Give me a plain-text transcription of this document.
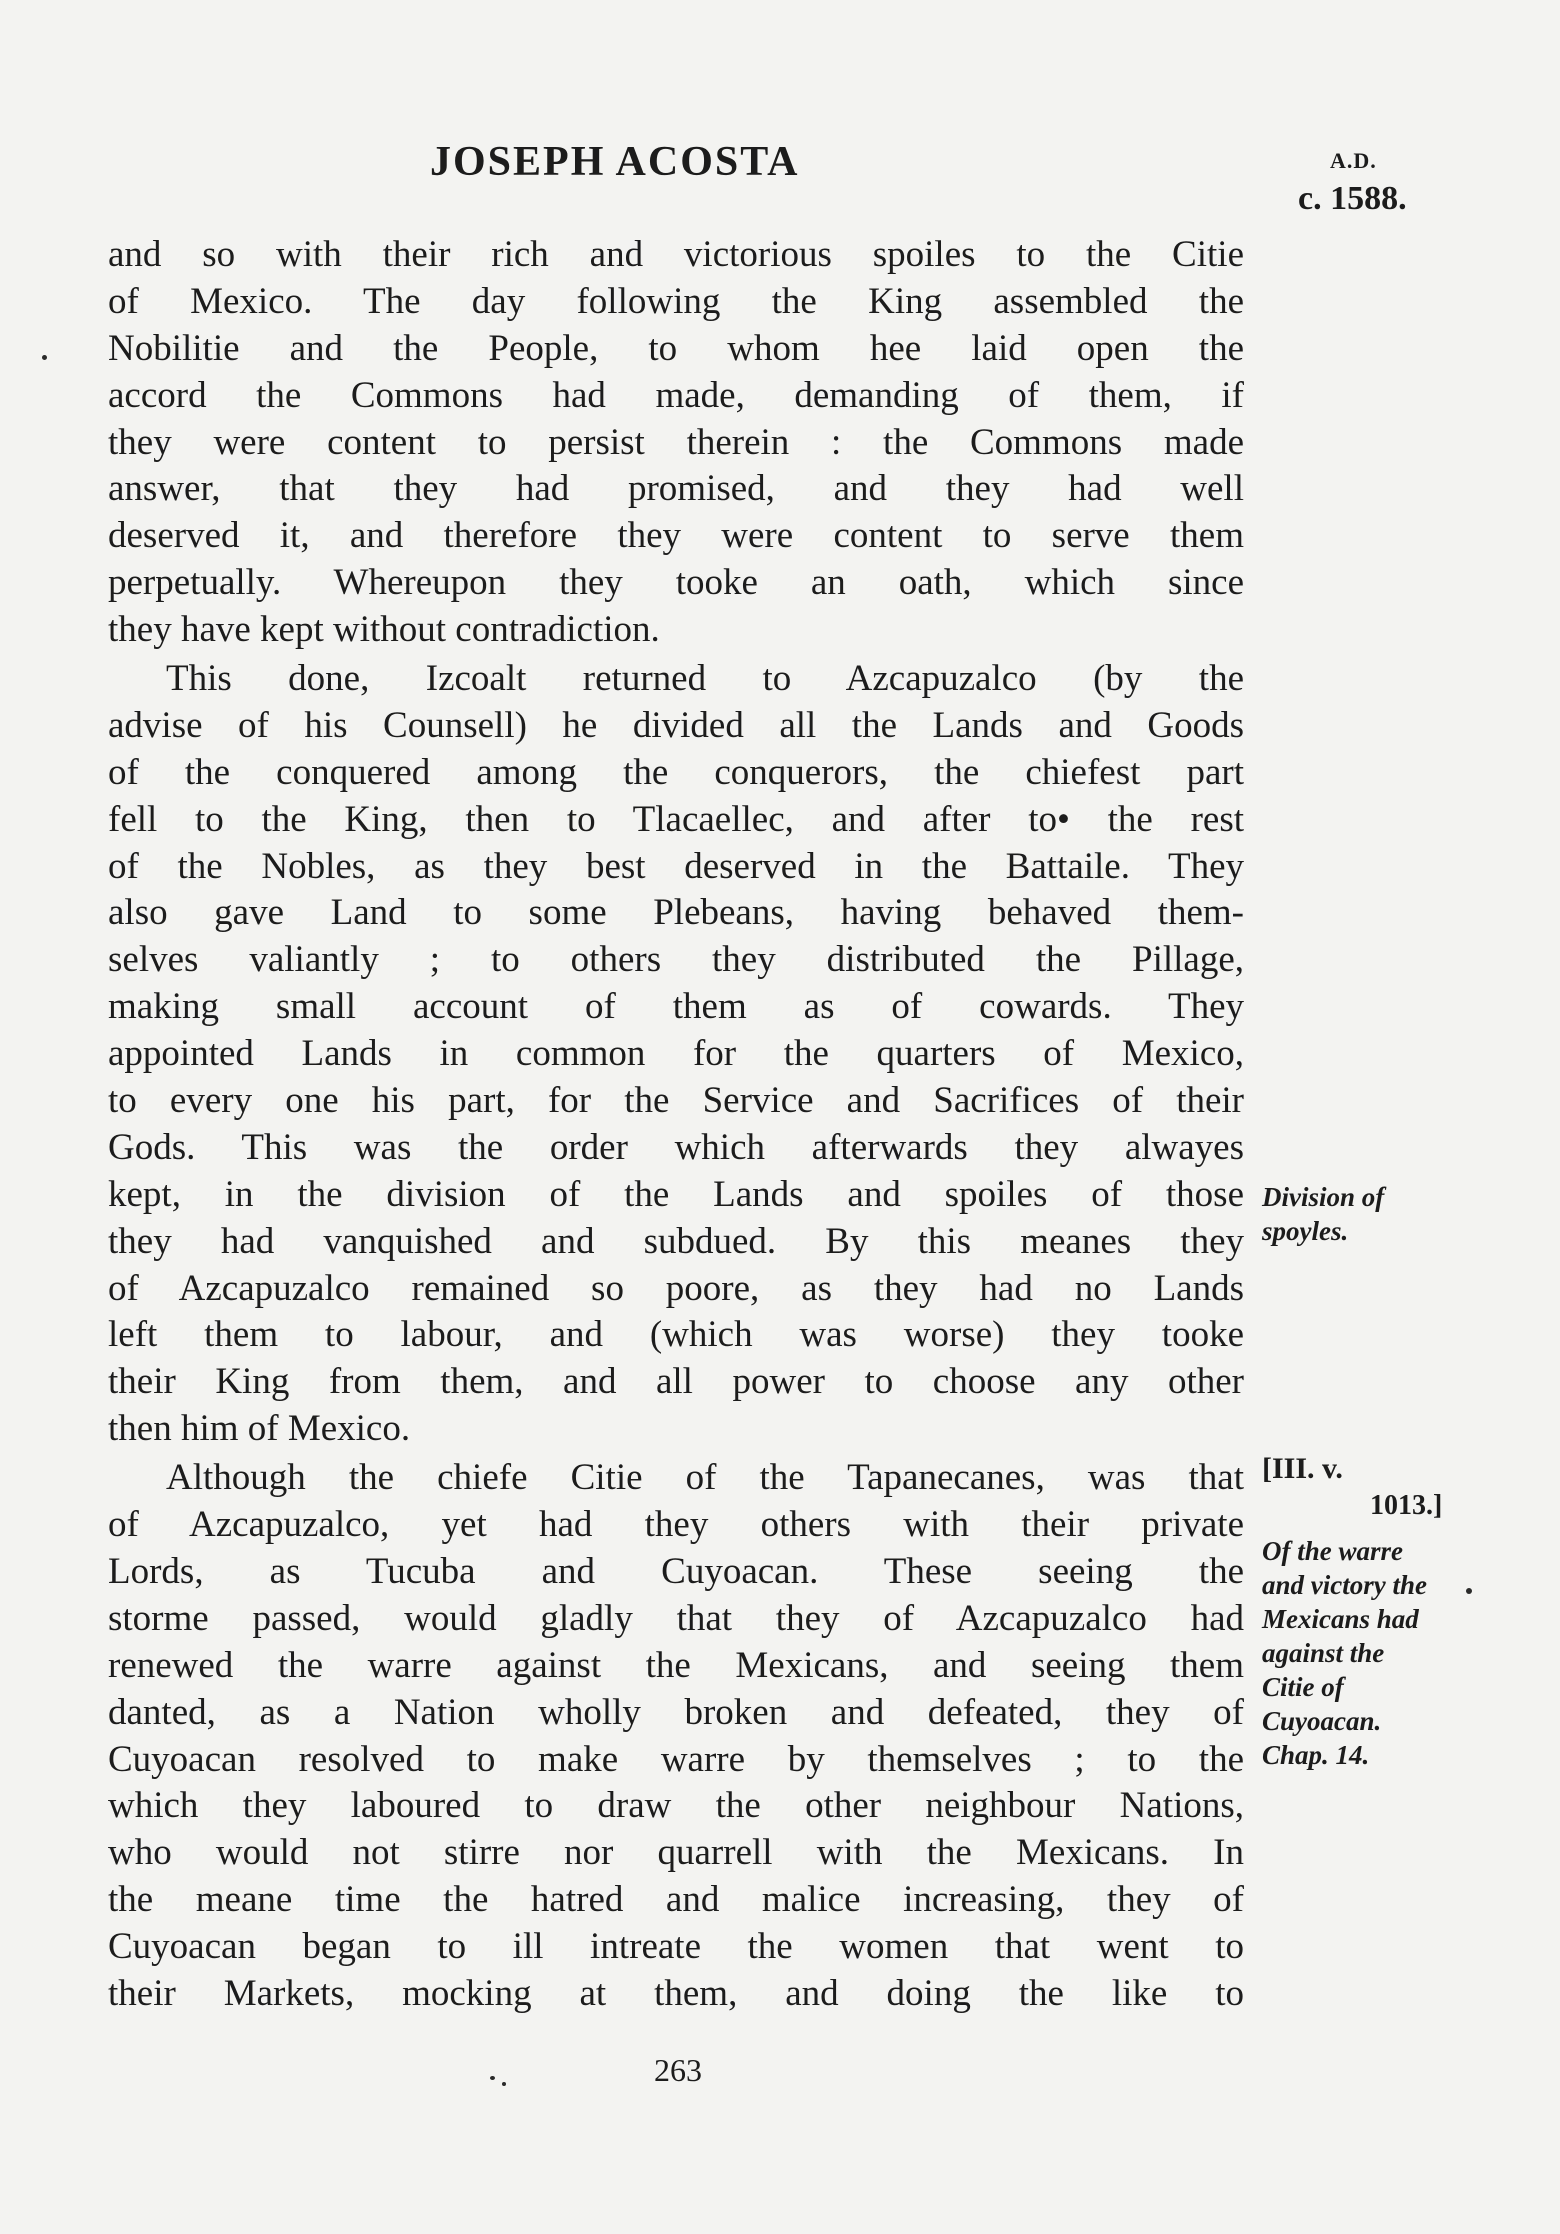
JOSEPH ACOSTA	A.D.
c. 1588.
and so with their rich and victorious spoiles to the Citie
of Mexico. The day following the King assembled the
Nobilitie and the People, to whom hee laid open the
accord the Commons had made, demanding of them, if
they were content to persist therein : the Commons made
answer, that they had promised, and they had well
deserved it, and therefore they were content to serve them
perpetually. Whereupon they tooke an oath, which since
they have kept without contradiction.
This done, Izcoalt returned to Azcapuzalco (by the
advise of his Counsell) he divided all the Lands and Goods
of the conquered among the conquerors, the chiefest part
fell to the King, then to Tlacaellec, and after to• the rest
of the Nobles, as they best deserved in the Battaile. They
also gave Land to some Plebeans, having behaved them-
selves valiantly ; to others they distributed the Pillage,
making small account of them as of cowards. They
appointed Lands in common for the quarters of Mexico,
to every one his part, for the Service and Sacrifices of their
Gods. This was the order which afterwards they alwayes
kept, in the division of the Lands and spoiles of those
they had vanquished and subdued. By this meanes they
of Azcapuzalco remained so poore, as they had no Lands
left them to labour, and (which was worse) they tooke
their King from them, and all power to choose any other
then him of Mexico.
Although the chiefe Citie of the Tapanecanes, was that
of Azcapuzalco, yet had they others with their private
Lords, as Tucuba and Cuyoacan. These seeing the
storme passed, would gladly that they of Azcapuzalco had
renewed the warre against the Mexicans, and seeing them
danted, as a Nation wholly broken and defeated, they of
Cuyoacan resolved to make warre by themselves ; to the
which they laboured to draw the other neighbour Nations,
who would not stirre nor quarrell with the Mexicans. In
the meane time the hatred and malice increasing, they of
Cuyoacan began to ill intreate the women that went to
their Markets, mocking at them, and doing the like to
Division of
spoyles.
[III. v.
1013.]
Of the warre
and victory the
Mexicans had
against the
Citie of
Cuyoacan.
Chap. 14.
263
